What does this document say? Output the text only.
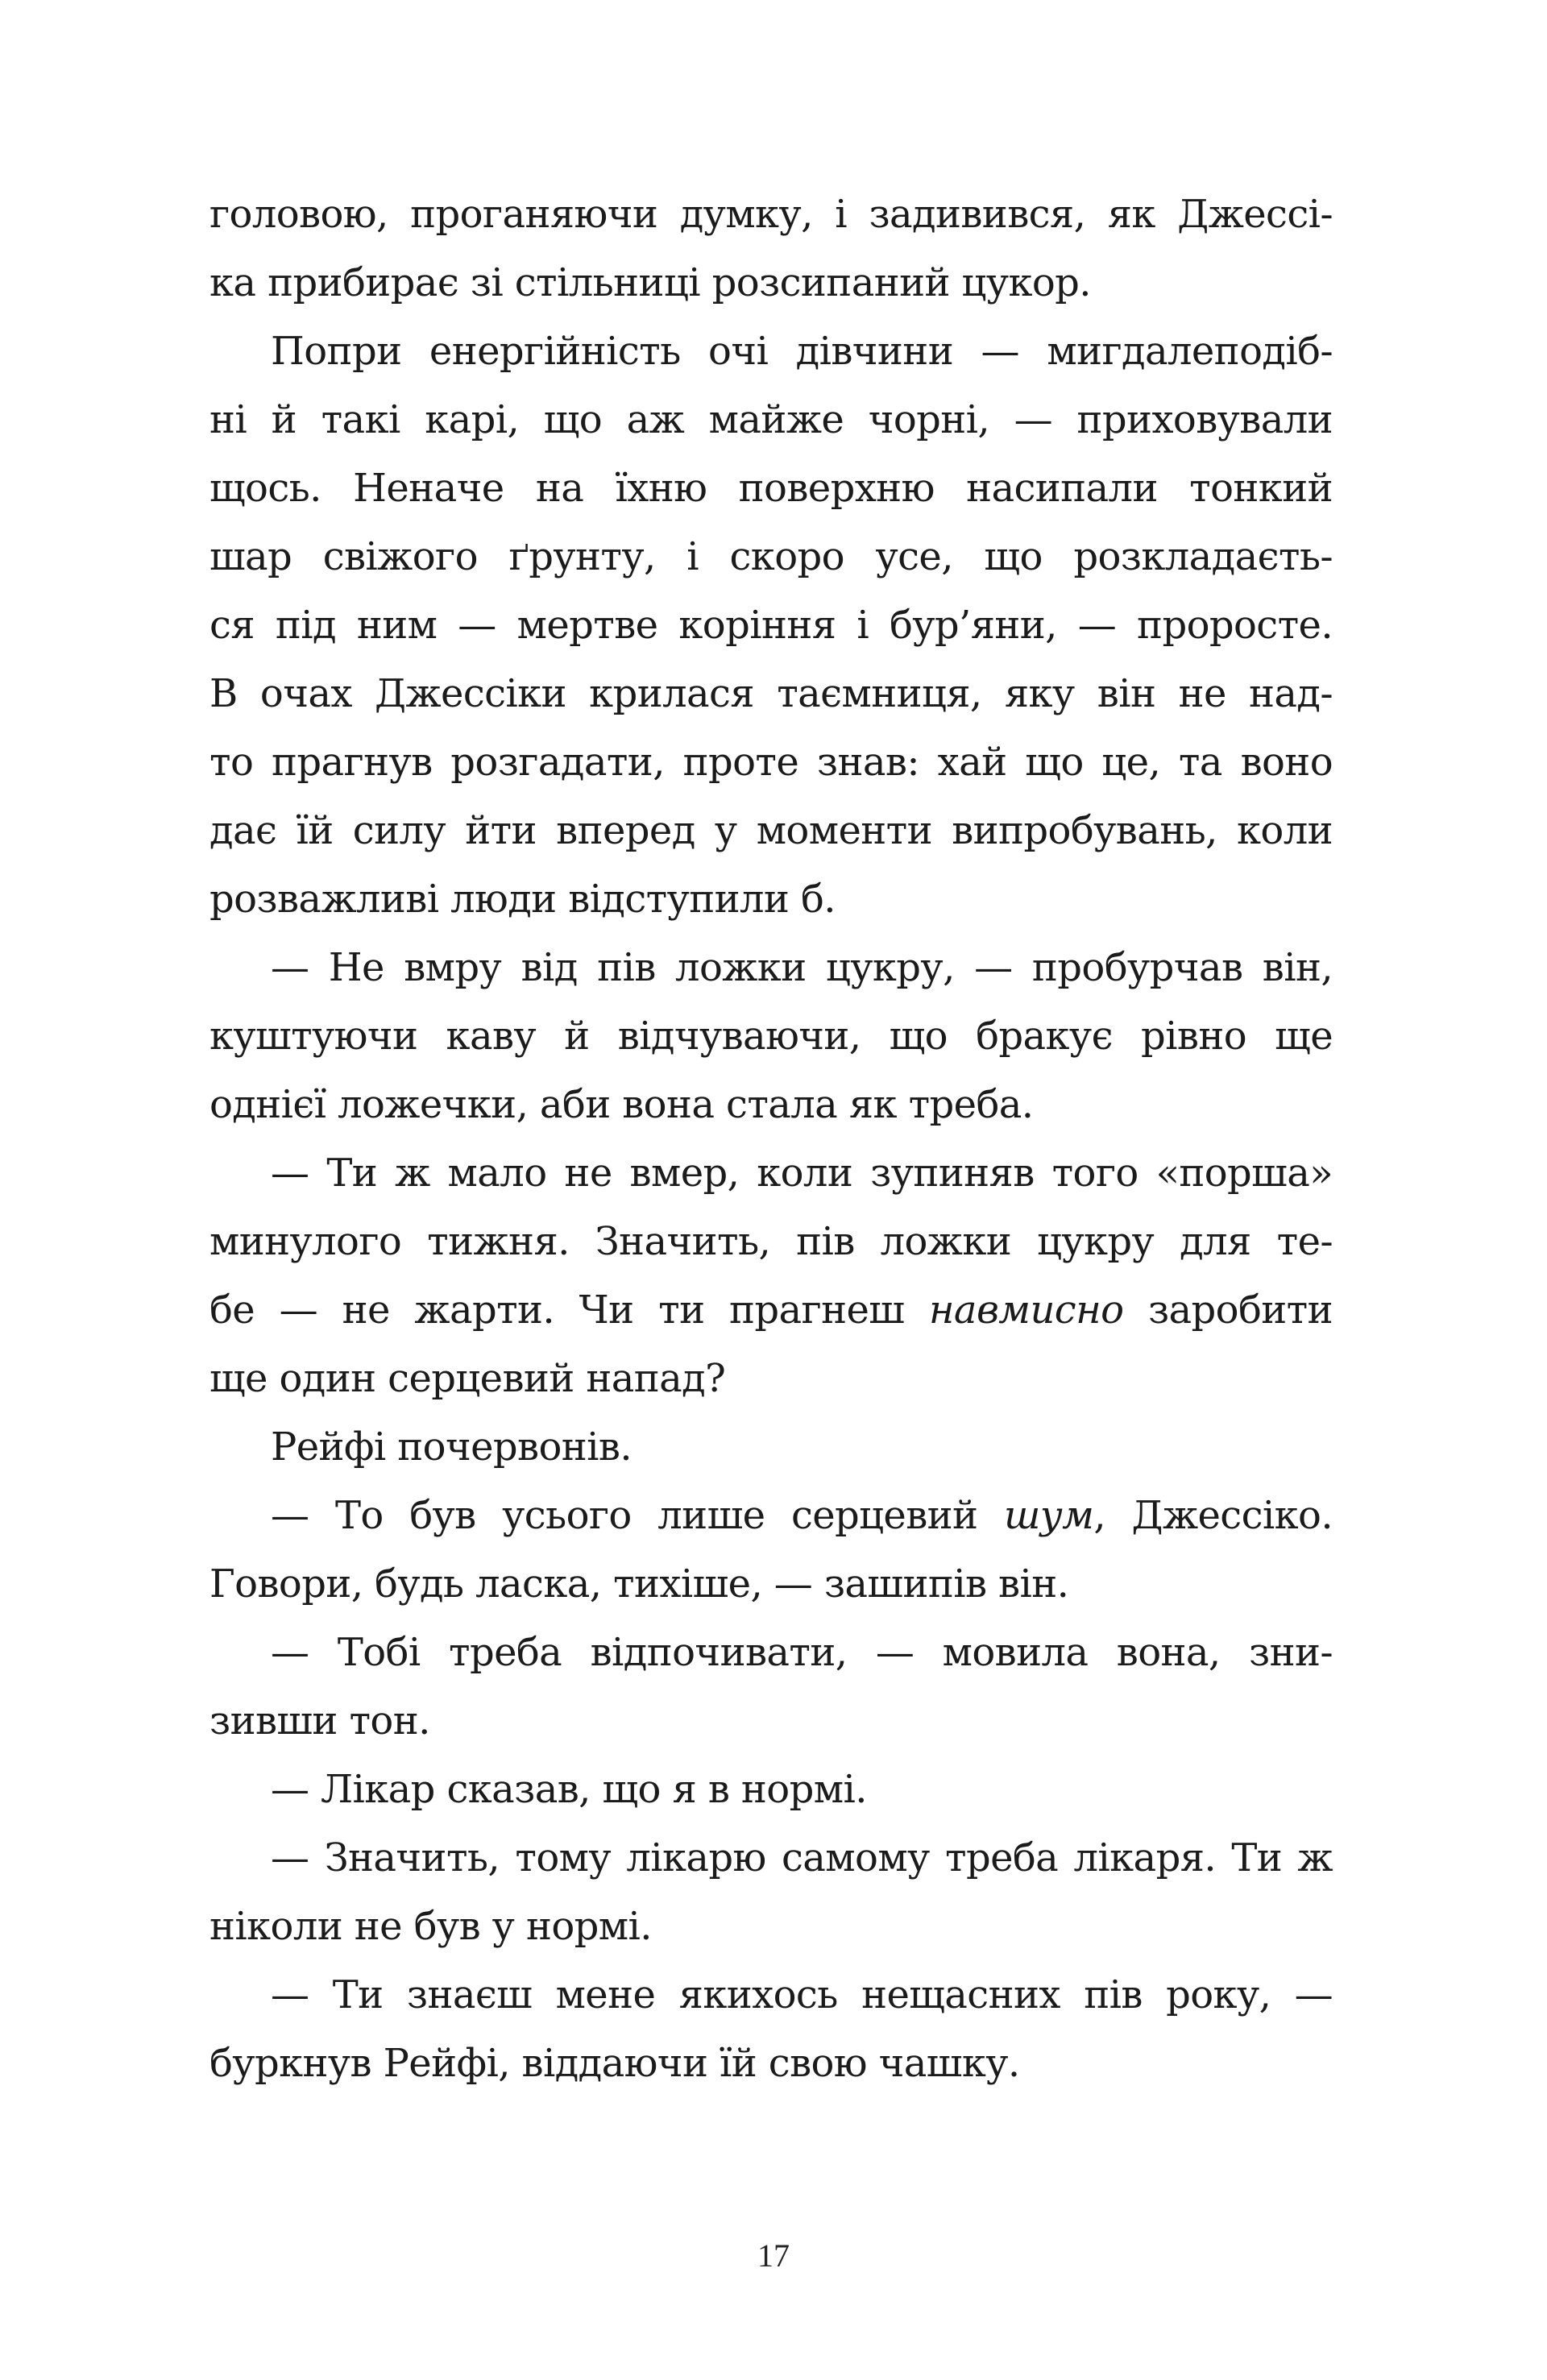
головою, проганяючи думку, і задивився, як Джессі-
ка прибирає зі стільниці розсипаний цукор.
Попри енергійність очі дівчини — мигдалеподіб-
ні й такі карі, що аж майже чорні, — приховували
щось. Неначе на їхню поверхню насипали тонкий
шар свіжого ґрунту, і скоро усе, що розкладаєть-
ся під ним — мертве коріння і бур’яни, — проросте.
В очах Джессіки крилася таємниця, яку він не над-
то прагнув розгадати, проте знав: хай що це, та воно
дає їй силу йти вперед у моменти випробувань, коли
розважливі люди відступили б.
— Не вмру від пів ложки цукру, — пробурчав він,
куштуючи каву й відчуваючи, що бракує рівно ще
однієї ложечки, аби вона стала як треба.
— Ти ж мало не вмер, коли зупиняв того «порша»
минулого тижня. Значить, пів ложки цукру для те-
бе — не жарти. Чи ти прагнеш навмисно заробити
ще один серцевий напад?
Рейфі почервонів.
— То був усього лише серцевий шум, Джессіко.
Говори, будь ласка, тихіше, — зашипів він.
— Тобі треба відпочивати, — мовила вона, зни-
зивши тон.
— Лікар сказав, що я в нормі.
— Значить, тому лікарю самому треба лікаря. Ти ж
ніколи не був у нормі.
— Ти знаєш мене якихось нещасних пів року, —
буркнув Рейфі, віддаючи їй свою чашку.
17
